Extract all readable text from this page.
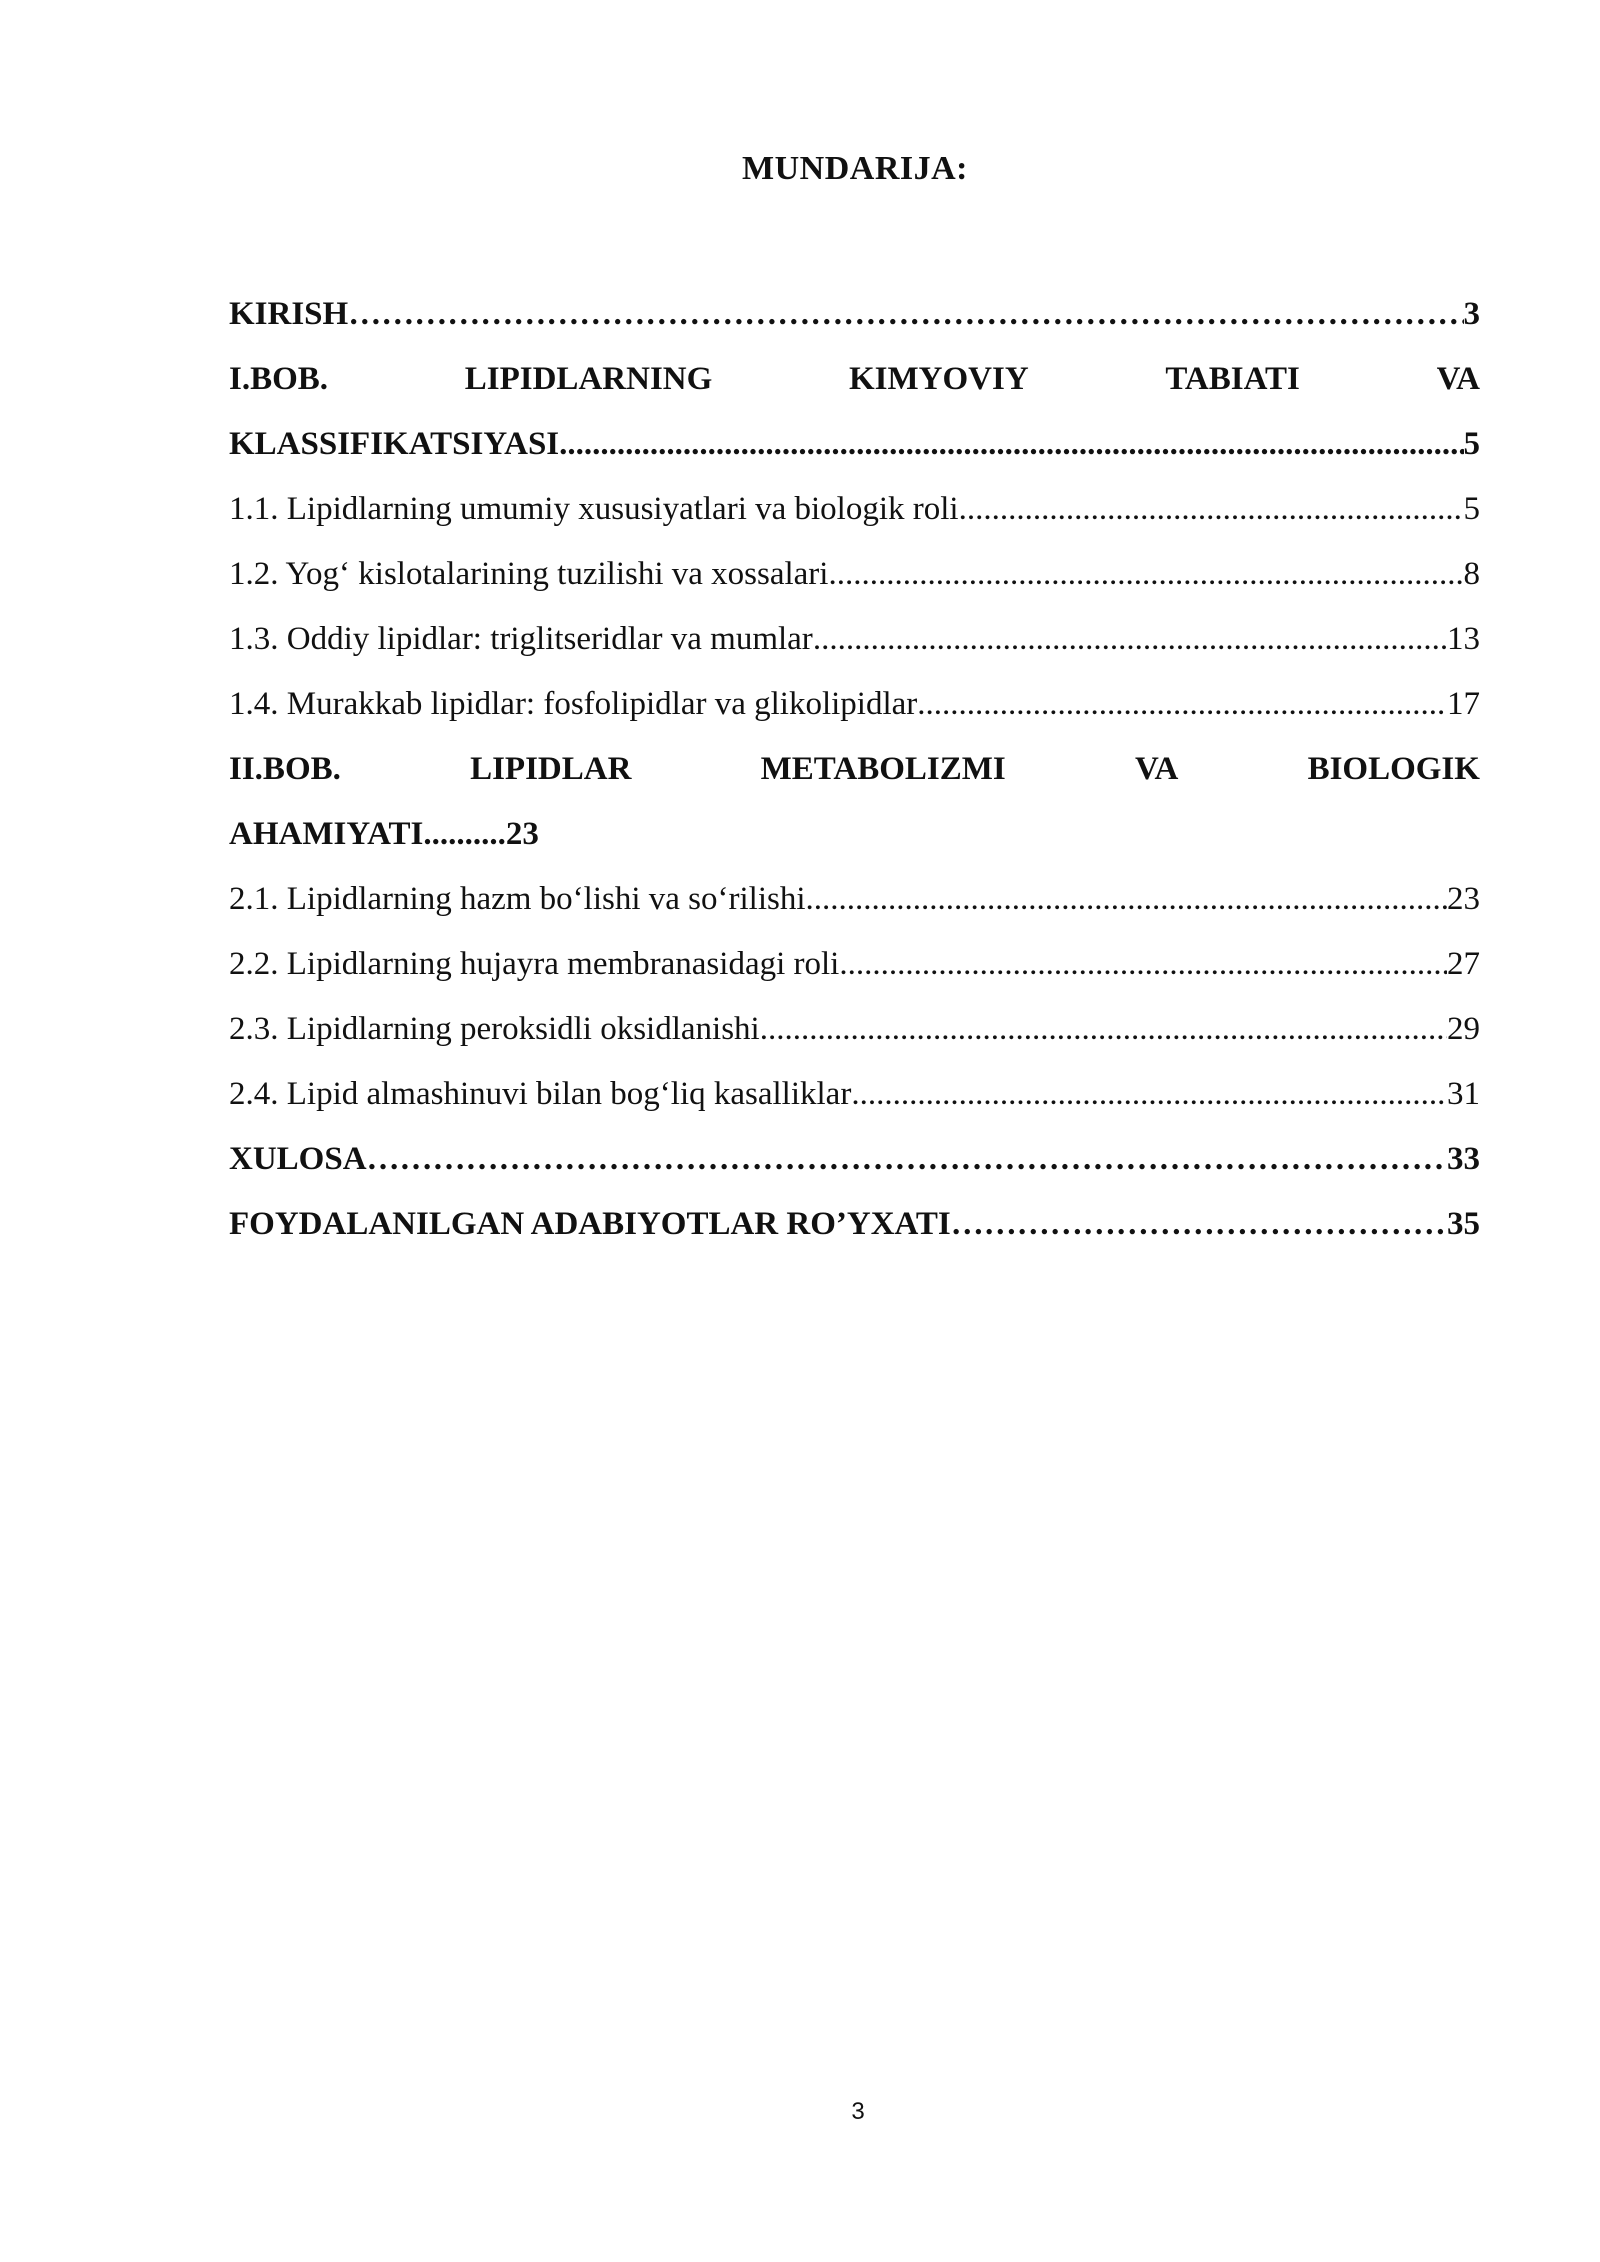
MUNDARIJA:
KIRISH ……………………………………………………………………………………………………………………………………………………………………………………………………………………………………	3
I.BOB.	LIPIDLARNING	KIMYOVIY	TABIATI	VA
KLASSIFIKATSIYASI .....	5
1.1. Lipidlarning umumiy xususiyatlari va biologik roli .....	5
1.2. Yog‘ kislotalarining tuzilishi va xossalari .....	8
1.3. Oddiy lipidlar: triglitseridlar va mumlar .....	13
1.4. Murakkab lipidlar: fosfolipidlar va glikolipidlar .....	17
II.BOB.	LIPIDLAR	METABOLIZMI	VA	BIOLOGIK
AHAMIYATI..........23
2.1. Lipidlarning hazm bo‘lishi va so‘rilishi .....	23
2.2. Lipidlarning hujayra membranasidagi roli .....	27
2.3. Lipidlarning peroksidli oksidlanishi .....	29
2.4. Lipid almashinuvi bilan bog‘liq kasalliklar .....	31
XULOSA ……………………………………………………………………………………………………………………………………………………………………………………………………………………………………	33
FOYDALANILGAN ADABIYOTLAR RO’YXATI ……………………………………………………………………………………………………………………………………………………………………………………………………………………………………	35
3
